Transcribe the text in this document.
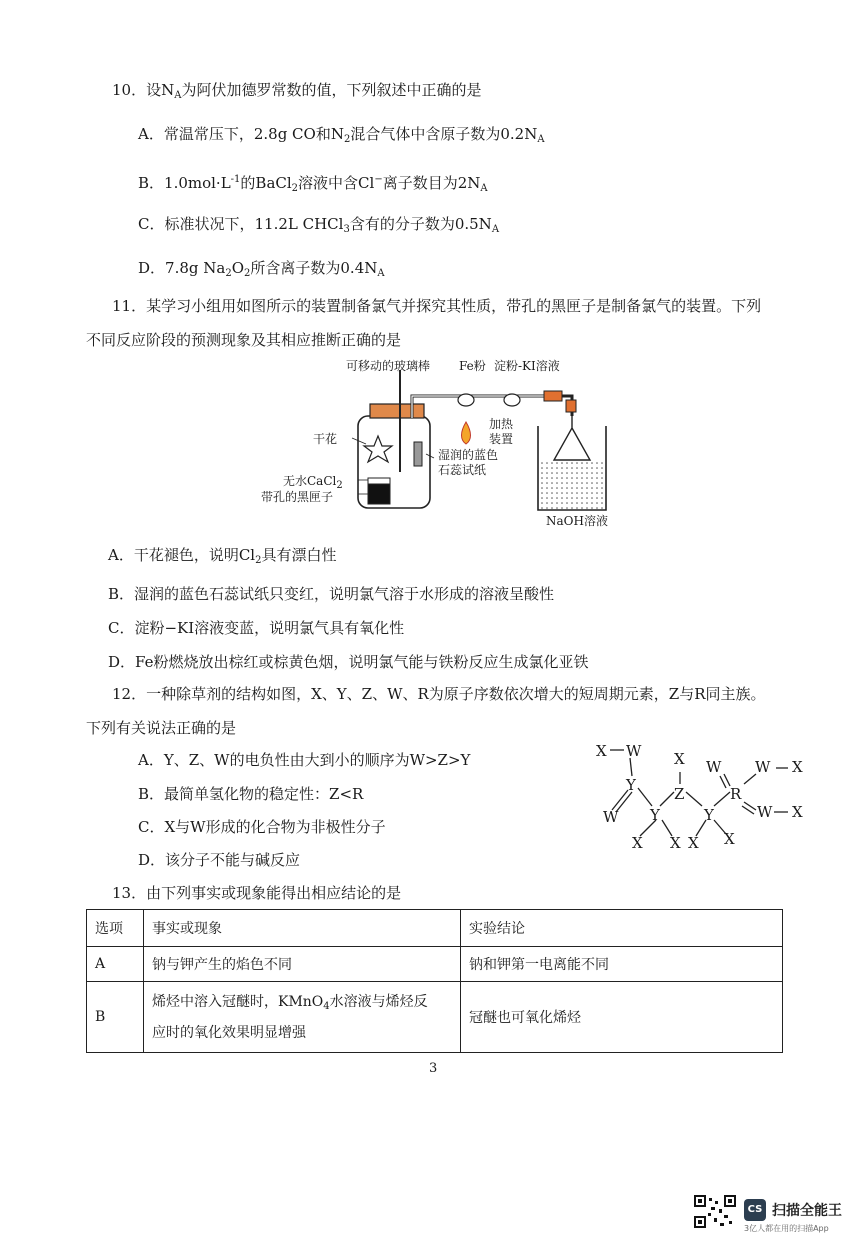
10．设$N_A$为阿伏加德罗常数的值，下列叙述中正确的是
A．常温常压下，2.8g CO和$N_2$混合气体中含原子数为$0.2N_A$
B．$1.0mol\cdot L^{-1}$的BaCl$_2$溶液中含Cl−离子数目为$2N_A$
C．标准状况下，11.2L CHCl$_3$含有的分子数为$0.5N_A$
D．7.8g $Na_2O_2$所含离子数为$0.4N_A$
11．某学习小组用如图所示的装置制备氯气并探究其性质，带孔的黑匣子是制备氯气的装置。下列
不同反应阶段的预测现象及其相应推断正确的是
可移动的玻璃棒 Fe粉 淀粉-KI溶液
加热
装置
干花
湿润的蓝色
石蕊试纸
无水CaCl$_2$
带孔的黑匣子
NaOH溶液
A．干花褪色，说明$Cl_2$具有漂白性
B．湿润的蓝色石蕊试纸只变红，说明氯气溶于水形成的溶液呈酸性
C．淀粉−KI溶液变蓝，说明氯气具有氧化性
D．Fe粉燃烧放出棕红或棕黄色烟，说明氯气能与铁粉反应生成氯化亚铁
12．一种除草剂的结构如图，X、Y、Z、W、R为原子序数依次增大的短周期元素，Z与R同主族。
下列有关说法正确的是
A．Y、Z、W的电负性由大到小的顺序为W>Z>Y
B．最简单氢化物的稳定性：Z<R
C．X与W形成的化合物为非极性分子
D．该分子不能与碱反应
X W
Y
X
Z
W W X
R
W Y	Y	W X
X X X X
13．由下列事实或现象能得出相应结论的是
选项	事实或现象	实验结论
A	钠与钾产生的焰色不同	钠和钾第一电离能不同
B	烯烃中溶入冠醚时，KMnO$_4$水溶液与烯烃反
应时的氧化效果明显增强	冠醚也可氧化烯烃
3
CS 扫描全能王
3亿人都在用的扫描App
